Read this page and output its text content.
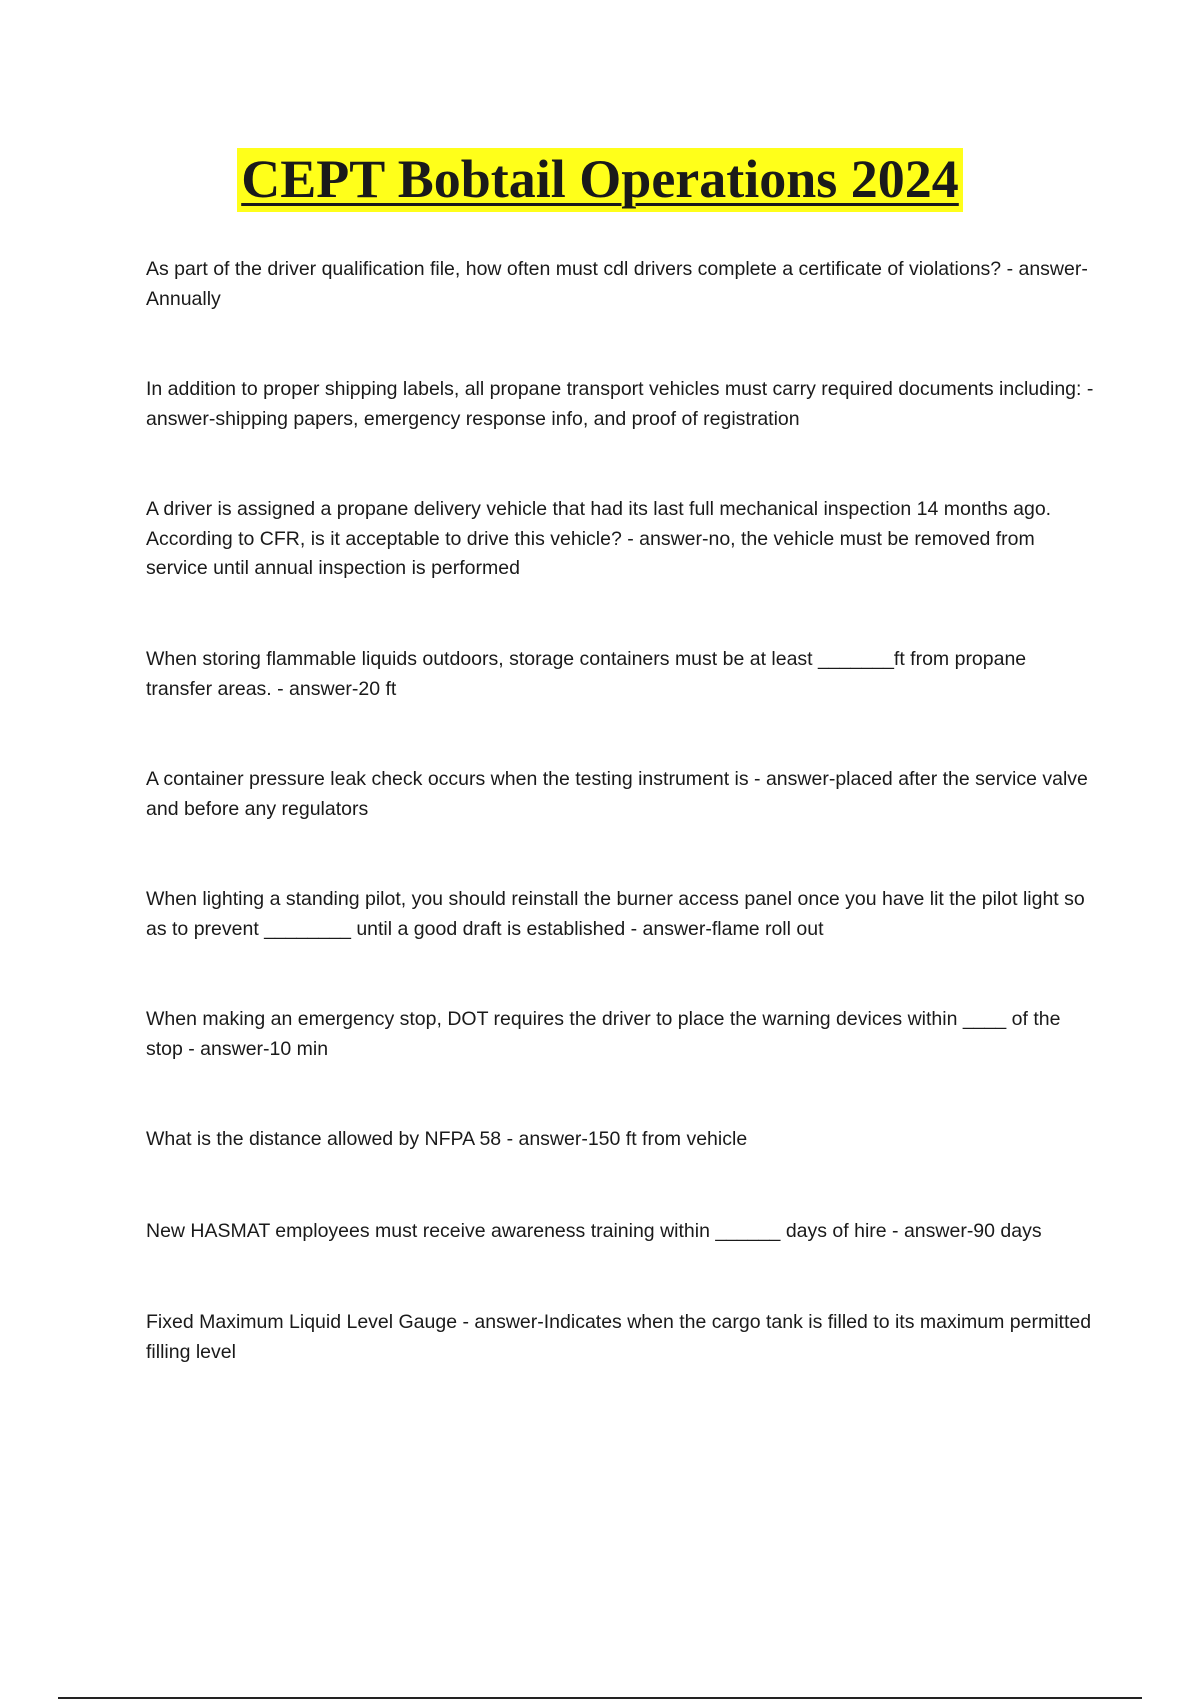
CEPT Bobtail Operations 2024

As part of the driver qualification file, how often must cdl drivers complete a certificate of violations? - answer-Annually

In addition to proper shipping labels, all propane transport vehicles must carry required documents including: - answer-shipping papers, emergency response info, and proof of registration

A driver is assigned a propane delivery vehicle that had its last full mechanical inspection 14 months ago. According to CFR, is it acceptable to drive this vehicle? - answer-no, the vehicle must be removed from service until annual inspection is performed

When storing flammable liquids outdoors, storage containers must be at least _______ft from propane transfer areas. - answer-20 ft

A container pressure leak check occurs when the testing instrument is - answer-placed after the service valve and before any regulators

When lighting a standing pilot, you should reinstall the burner access panel once you have lit the pilot light so as to prevent ________ until a good draft is established - answer-flame roll out

When making an emergency stop, DOT requires the driver to place the warning devices within ____ of the stop - answer-10 min

What is the distance allowed by NFPA 58 - answer-150 ft from vehicle

New HASMAT employees must receive awareness training within ______ days of hire - answer-90 days

Fixed Maximum Liquid Level Gauge - answer-Indicates when the cargo tank is filled to its maximum permitted filling level
